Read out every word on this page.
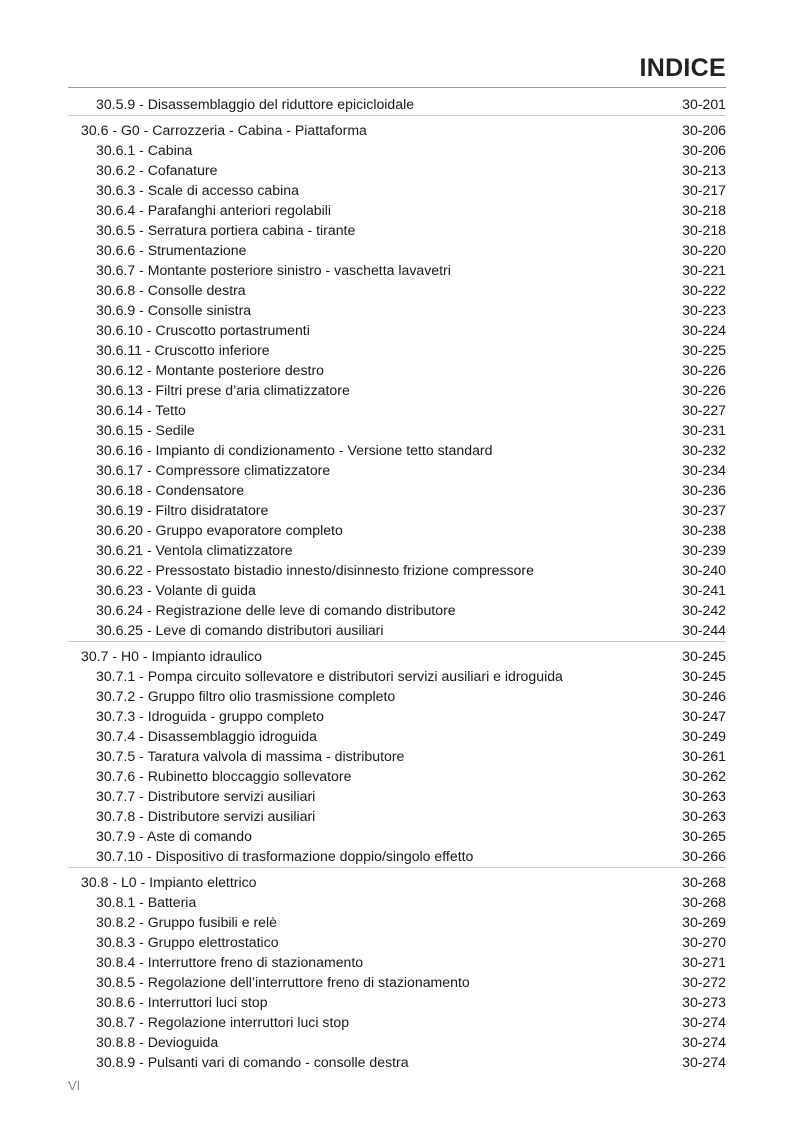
INDICE
30.5.9 - Disassemblaggio del riduttore epicicloidale	30-201
30.6 - G0 - Carrozzeria - Cabina - Piattaforma	30-206
30.6.1 - Cabina	30-206
30.6.2 - Cofanature	30-213
30.6.3 - Scale di accesso cabina	30-217
30.6.4 - Parafanghi anteriori regolabili	30-218
30.6.5 - Serratura portiera cabina - tirante	30-218
30.6.6 - Strumentazione	30-220
30.6.7 - Montante posteriore sinistro - vaschetta lavavetri	30-221
30.6.8 - Consolle destra	30-222
30.6.9 - Consolle sinistra	30-223
30.6.10 - Cruscotto portastrumenti	30-224
30.6.11 - Cruscotto inferiore	30-225
30.6.12 - Montante posteriore destro	30-226
30.6.13 - Filtri prese d’aria climatizzatore	30-226
30.6.14 - Tetto	30-227
30.6.15 - Sedile	30-231
30.6.16 - Impianto di condizionamento - Versione tetto standard	30-232
30.6.17 - Compressore climatizzatore	30-234
30.6.18 - Condensatore	30-236
30.6.19 - Filtro disidratatore	30-237
30.6.20 - Gruppo evaporatore completo	30-238
30.6.21 - Ventola climatizzatore	30-239
30.6.22 - Pressostato bistadio innesto/disinnesto frizione compressore	30-240
30.6.23 - Volante di guida	30-241
30.6.24 - Registrazione delle leve di comando distributore	30-242
30.6.25 - Leve di comando distributori ausiliari	30-244
30.7 - H0 - Impianto idraulico	30-245
30.7.1 - Pompa circuito sollevatore e distributori servizi ausiliari e idroguida	30-245
30.7.2 - Gruppo filtro olio trasmissione completo	30-246
30.7.3 - Idroguida - gruppo completo	30-247
30.7.4 - Disassemblaggio idroguida	30-249
30.7.5 - Taratura valvola di massima - distributore	30-261
30.7.6 - Rubinetto bloccaggio sollevatore	30-262
30.7.7 - Distributore servizi ausiliari	30-263
30.7.8 - Distributore servizi ausiliari	30-263
30.7.9 - Aste di comando	30-265
30.7.10 - Dispositivo di trasformazione doppio/singolo effetto	30-266
30.8 - L0 - Impianto elettrico	30-268
30.8.1 - Batteria	30-268
30.8.2 - Gruppo fusibili e relè	30-269
30.8.3 - Gruppo elettrostatico	30-270
30.8.4 - Interruttore freno di stazionamento	30-271
30.8.5 - Regolazione dell’interruttore freno di stazionamento	30-272
30.8.6 - Interruttori luci stop	30-273
30.8.7 - Regolazione interruttori luci stop	30-274
30.8.8 - Devioguida	30-274
30.8.9 - Pulsanti vari di comando - consolle destra	30-274
VI
